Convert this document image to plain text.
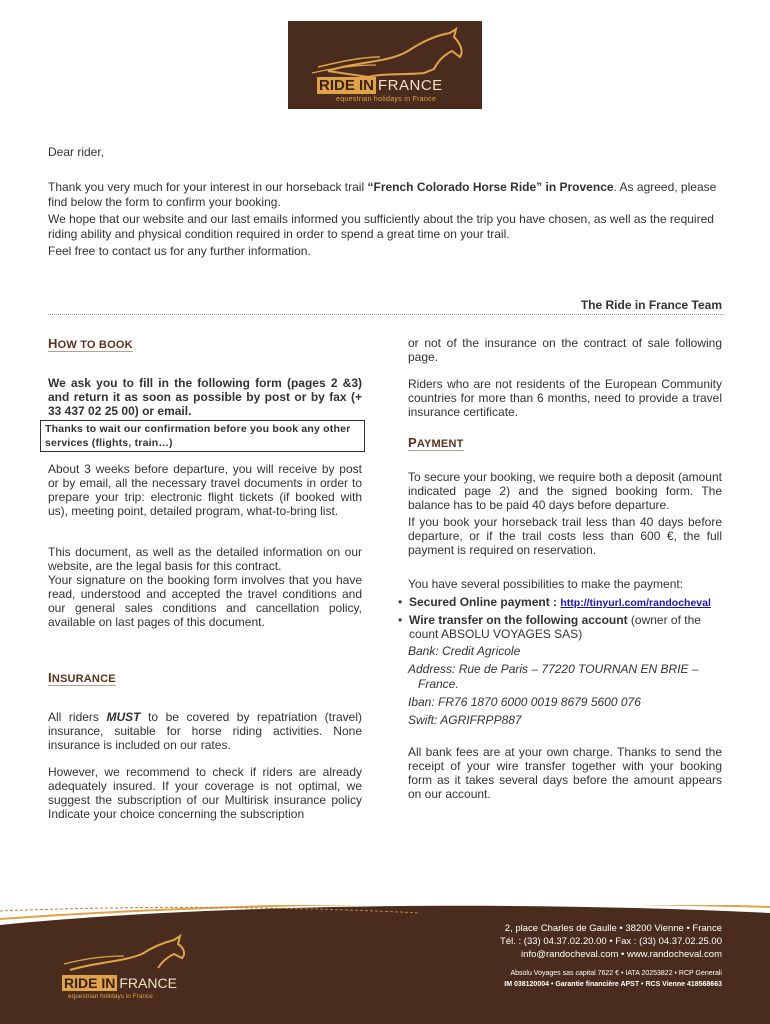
RIDE IN FRANCE
equestrian holidays in France
Dear rider,
Thank you very much for your interest in our horseback trail “French Colorado Horse Ride” in Provence. As agreed, please find below the form to confirm your booking.
We hope that our website and our last emails informed you sufficiently about the trip you have chosen, as well as the required riding ability and physical condition required in order to spend a great time on your trail.
Feel free to contact us for any further information.
The Ride in France Team
HOW TO BOOK
We ask you to fill in the following form (pages 2 &3) and return it as soon as possible by post or by fax (+ 33 437 02 25 00) or email.
Thanks to wait our confirmation before you book any other services (flights, train…)
About 3 weeks before departure, you will receive by post or by email, all the necessary travel documents in order to prepare your trip: electronic flight tickets (if booked with us), meeting point, detailed program, what-to-bring list.

This document, as well as the detailed information on our website, are the legal basis for this contract.

Your signature on the booking form involves that you have read, understood and accepted the travel conditions and our general sales conditions and cancellation policy, available on last pages of this document.

INSURANCE
All riders MUST to be covered by repatriation (travel) insurance, suitable for horse riding activities. None insurance is included on our rates.
However, we recommend to check if riders are already adequately insured. If your coverage is not optimal, we suggest the subscription of our Multirisk insurance policy Indicate your choice concerning the subscription
or not of the insurance on the contract of sale following page.
Riders who are not residents of the European Community countries for more than 6 months, need to provide a travel insurance certificate.
PAYMENT
To secure your booking, we require both a deposit (amount indicated page 2) and the signed booking form. The balance has to be paid 40 days before departure.
If you book your horseback trail less than 40 days before departure, or if the trail costs less than 600 €, the full payment is required on reservation.
You have several possibilities to make the payment:
• Secured Online payment : http://tinyurl.com/randocheval
• Wire transfer on the following account (owner of the count ABSOLU VOYAGES SAS)

Bank: Credit Agricole

Address: Rue de Paris – 77220 TOURNAN EN BRIE – France.

Iban: FR76 1870 6000 0019 8679 5600 076

Swift: AGRIFRPP887

All bank fees are at your own charge. Thanks to send the receipt of your wire transfer together with your booking form as it takes several days before the amount appears on our account.
RIDE IN FRANCE
equestrian holidays in France
2, place Charles de Gaulle • 38200 Vienne • France
Tél. : (33) 04.37.02.20.00 • Fax : (33) 04.37.02.25.00
info@randocheval.com • www.randocheval.com
Absolu Voyages sas capital 7622 € • IATA 20253822 • RCP Generali
IM 038120004 • Garantie financière APST • RCS Vienne 418568663
